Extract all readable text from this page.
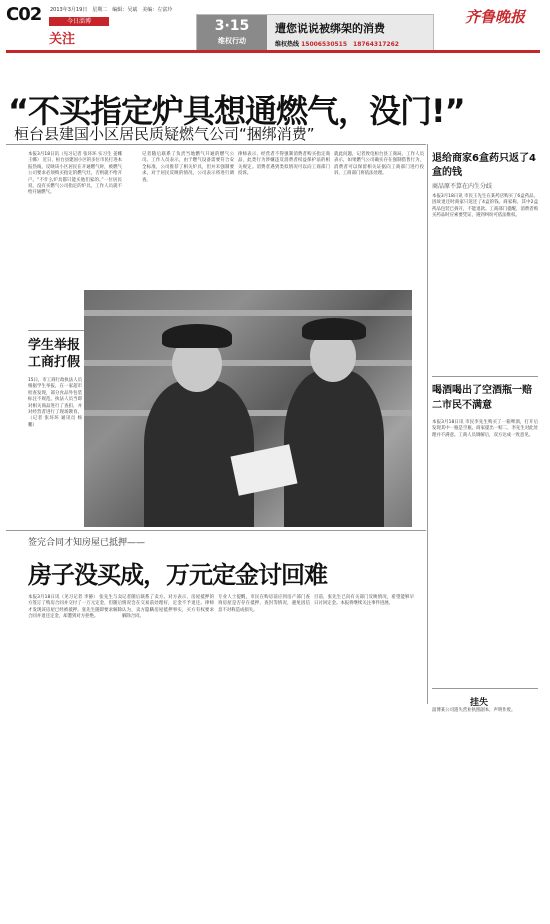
C02 2013年3月19日　星期二　编辑：吴斌　美编：左富玲
今日淄博
关注
3·15
维权行动
遭您说说被绑架的消费
维权热线 15006530515　18764317262
齐鲁晚报
“不买指定炉具想通燃气，没门!”
桓台县建国小区居民质疑燃气公司“捆绑消费”
本报3月18日讯（见习记者 张环环 实习生 姜娜王娜） 近日，桓台县建国小区的多位市民打进本报热线，反映该小区居民在开通燃气时，被燃气公司要求必须购买指定的燃气灶，否则就不给开户。“不什么炉具都只能买他们家的。”一位居民说，没有买燃气公司指定的炉具，工作人员就不给开通燃气。
记者随后联系了负责当地燃气开通的燃气公司。工作人员表示，由于燃气设备需要符合安全标准，公司推荐了相关炉具，但并未强制要求。对于居民反映的情况，公司表示将进行调查。
律师表示，经营者不得强制消费者购买指定商品，此类行为涉嫌违反消费者权益保护法的相关规定。消费者遇到类似情况可以向工商部门投诉。
就此问题，记者致电桓台县工商局。工作人员表示，如果燃气公司确实存在强制搭售行为，消费者可以保留相关证据向工商部门进行投诉，工商部门将依法处理。
学生举报工商打假
15日，市工商行政执法人员根据学生举报，在一家超市检查发现，部分食品外包装标注不规范。执法人员当即对相关商品进行了查扣，并对经营者进行了现场教育。（记者 张环环 通讯员 杨鹏）
签完合同才知房屋已抵押——
房子没买成，万元定金讨回难
本报3月18日讯（见习记者 李静） 张先生与卖方签订了购房合同并交付了一万元定金，但随后才发现该房屋已经被抵押。张先生随即要求解除合同并退还定金，却遭到对方拒绝。
记者随后联系了卖方。对方表示，房屋抵押的情况会在交易前处理好，定金不予退还。律师认为，卖方隐瞒房屋抵押事实，买方有权要求解除合同。
专业人士提醒，市民在购房前应到房产部门查询房屋是否存在抵押、查封等情况，避免因信息不对称造成损失。
目前，张先生已向有关部门反映情况，希望能够早日讨回定金。本报将继续关注事件进展。
退给商家6盒药只返了4盒的钱
商品原不算在内生分歧
本报3月18日讯 市民王先生在某药店购买了6盒药品，因故退还时商家只返还了4盒的钱。商家称，其中2盒药品包装已拆开，不能退款。工商部门提醒，消费者购买药品时应索要凭证，遇到纠纷可依法维权。
喝酒喝出了空酒瓶一赔二市民不满意
本报3月18日讯 市民李先生购买了一箱啤酒，打开后发现其中一瓶是空瓶。商家提出一赔二，李先生对此处理并不满意。工商人员调解后，双方达成一致意见。
挂失
淄博某公司遗失营业执照副本，声明作废。
